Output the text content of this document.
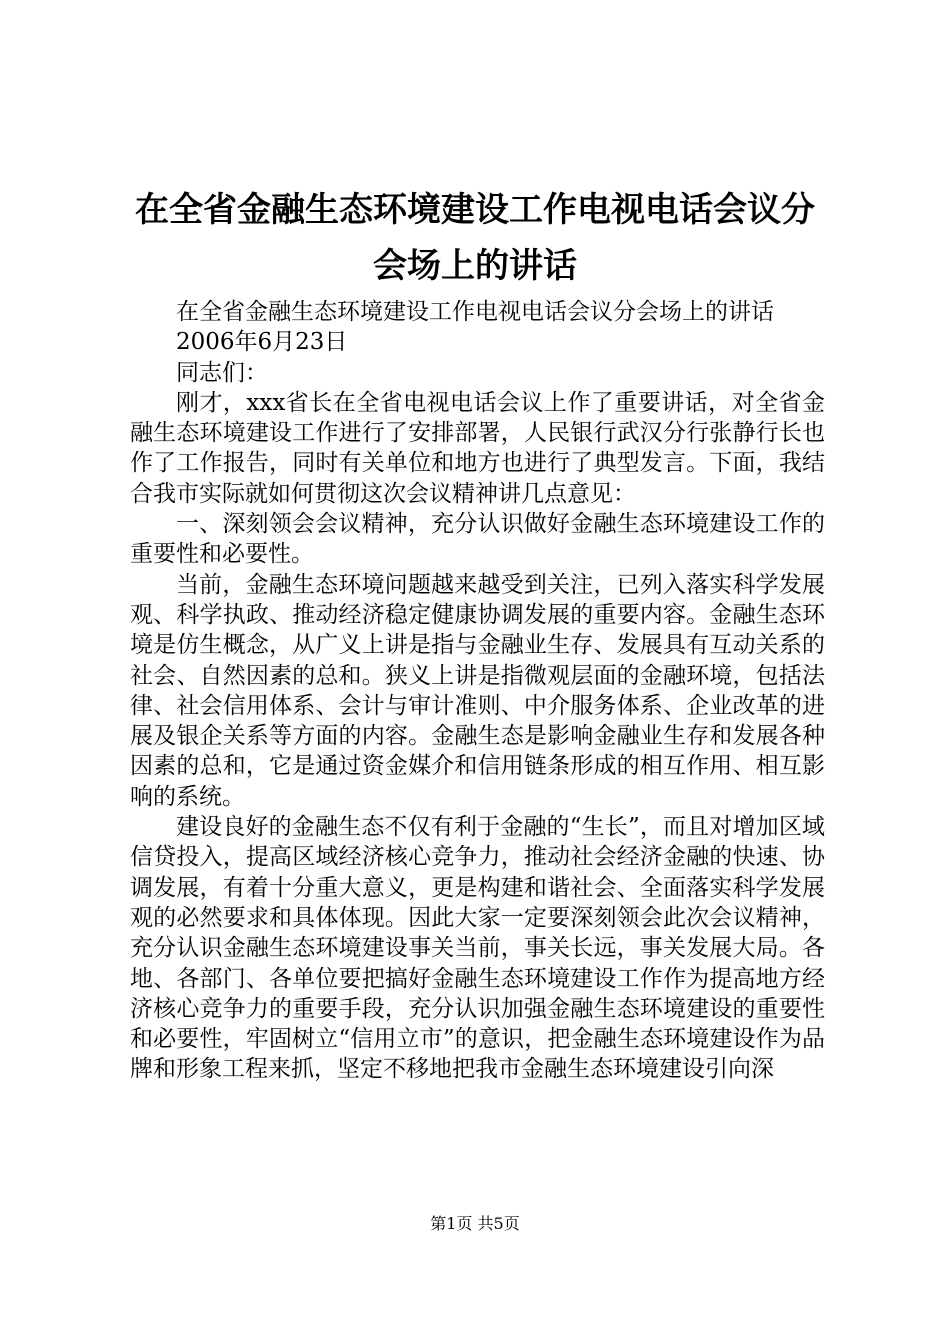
在全省金融生态环境建设工作电视电话会议分
会场上的讲话

在全省金融生态环境建设工作电视电话会议分会场上的讲话

2006年6月23日

同志们：

刚才，xxx省长在全省电视电话会议上作了重要讲话，对全省金融生态环境建设工作进行了安排部署，人民银行武汉分行张静行长也作了工作报告，同时有关单位和地方也进行了典型发言。下面，我结合我市实际就如何贯彻这次会议精神讲几点意见：

一、深刻领会会议精神，充分认识做好金融生态环境建设工作的重要性和必要性。

当前，金融生态环境问题越来越受到关注，已列入落实科学发展观、科学执政、推动经济稳定健康协调发展的重要内容。金融生态环境是仿生概念，从广义上讲是指与金融业生存、发展具有互动关系的社会、自然因素的总和。狭义上讲是指微观层面的金融环境，包括法律、社会信用体系、会计与审计准则、中介服务体系、企业改革的进展及银企关系等方面的内容。金融生态是影响金融业生存和发展各种因素的总和，它是通过资金媒介和信用链条形成的相互作用、相互影响的系统。

建设良好的金融生态不仅有利于金融的“生长”，而且对增加区域信贷投入，提高区域经济核心竞争力，推动社会经济金融的快速、协调发展，有着十分重大意义，更是构建和谐社会、全面落实科学发展观的必然要求和具体体现。因此大家一定要深刻领会此次会议精神，充分认识金融生态环境建设事关当前，事关长远，事关发展大局。各地、各部门、各单位要把搞好金融生态环境建设工作作为提高地方经济核心竞争力的重要手段，充分认识加强金融生态环境建设的重要性和必要性，牢固树立“信用立市”的意识，把金融生态环境建设作为品牌和形象工程来抓，坚定不移地把我市金融生态环境建设引向深

第1页 共5页
